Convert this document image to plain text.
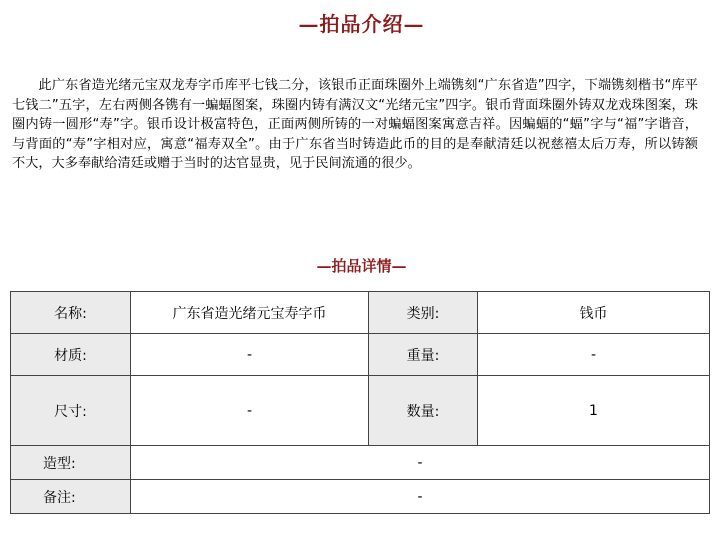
—拍品介绍—

此广东省造光绪元宝双龙寿字币库平七钱二分，该银币正面珠圈外上端镌刻“广东省造”四字，下端镌刻楷书“库平七钱二”五字，左右两侧各镌有一蝙蝠图案，珠圈内铸有满汉文“光绪元宝”四字。银币背面珠圈外铸双龙戏珠图案，珠圈内铸一圆形“寿”字。银币设计极富特色，正面两侧所铸的一对蝙蝠图案寓意吉祥。因蝙蝠的“蝠”字与“福”字谐音，与背面的“寿”字相对应，寓意“福寿双全”。由于广东省当时铸造此币的目的是奉献清廷以祝慈禧太后万寿，所以铸额不大，大多奉献给清廷或赠于当时的达官显贵，见于民间流通的很少。

—拍品详情—
名称:	广东省造光绪元宝寿字币	类别:	钱币
材质:	-	重量:	-
尺寸:	-	数量:	1
造型:	-		
备注:	-		
